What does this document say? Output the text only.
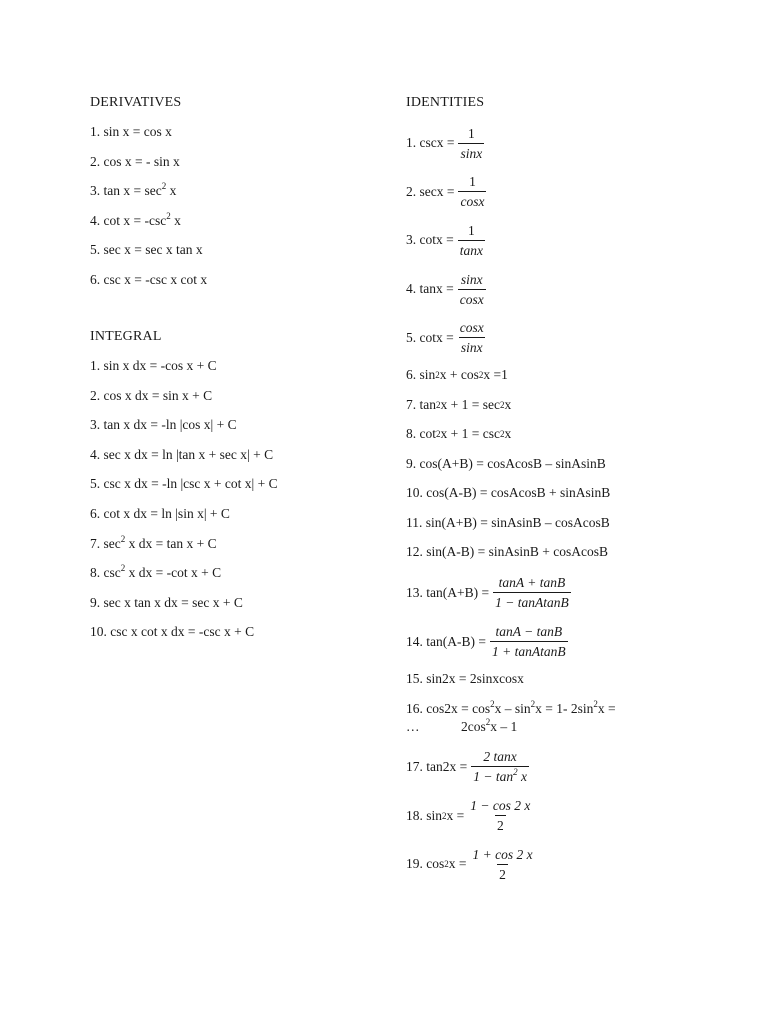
DERIVATIVES
1. sin x = cos x
2. cos x = - sin x
3. $\tan x = \sec^2 x$
4. $\cot x = -\csc^2$ x
5. sec x = sec x tan x
6. csc x = -csc x cot x
INTEGRAL
1. sin x dx = -cos x + C
2. cos x dx = sin x + C
3. tan x dx = -ln |cos x| + C
4. sec x dx = ln |tan x + sec x| + C
5. csc x dx = -ln |csc x + cot x| + C
6. cot x dx = ln |sin x| + C
7. $\sec^2 x$ dx = tan x + C
8. $\csc^2 x$ dx = -cot x + C
9. sec x tan x dx = sec x + C
10. csc x cot x dx = -csc x + C
IDENTITIES
1. $\csc x = \frac{1}{\sin x}$
2. $\sec x = \frac{1}{\cos x}$
3. $\cot x = \frac{1}{\tan x}$
4. $\tan x = \frac{\sin x}{\cos x}$
5. $\cot x = \frac{\cos x}{\sin x}$
6. sin 2 x + cos 2 x =1
7. tan 2 x + 1 = sec 2 x
8. cot 2 x + 1 = csc 2 x
9. cos(A+B) = cosAcosB – sinAsinB
10. cos(A-B) = cosAcosB + sinAsinB
11. sin(A+B) = sinAsinB – cosAcosB
12. sin(A-B) = sinAsinB + cosAcosB
13. $\tan(A+B) = \frac{\tan A + \tan B}{\text{1 − tanAtanB}}$
14. $\tan(A-B) = \frac{\tan A - \tan B}{\text{1 + tanAtanB}}$
15. sin2x = 2sinxcosx
16. $\cos 2x = \cos^2x - \sin^2x = 1-$ $2\sin^2x$ =
…	$2\cos^2x - 1$
17. $\tan 2x = \frac{2 \tan x}{1 - \tan^2 x}$
18. sin 2 $x = \frac{1 - \cos 2 x}{2}$
19. cos 2 $x = \frac{1 + \cos 2 x}{2}$
